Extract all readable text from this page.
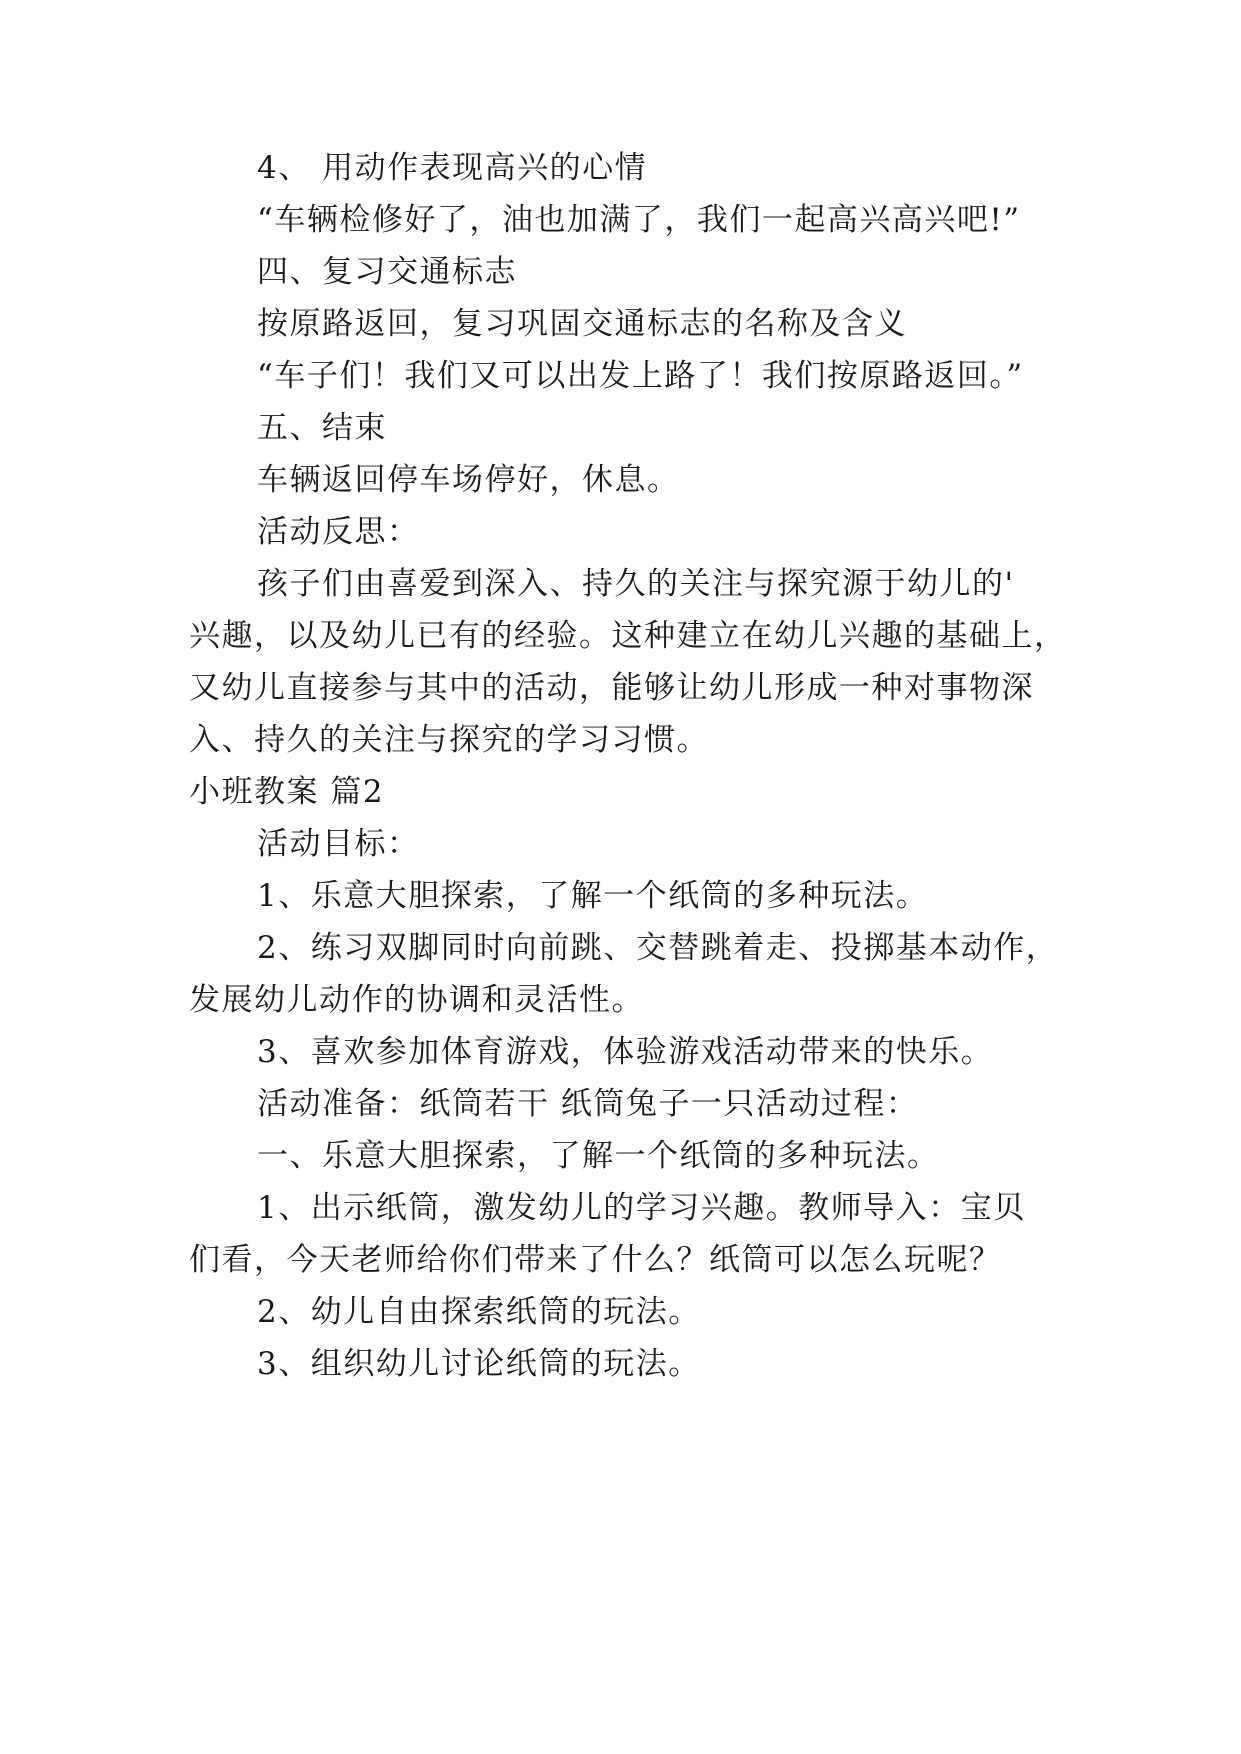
4、 用动作表现高兴的心情
“车辆检修好了，油也加满了，我们一起高兴高兴吧!”
四、复习交通标志
按原路返回，复习巩固交通标志的名称及含义
“车子们！我们又可以出发上路了！我们按原路返回。”
五、结束
车辆返回停车场停好，休息。
活动反思：
孩子们由喜爱到深入、持久的关注与探究源于幼儿的'
兴趣，以及幼儿已有的经验。这种建立在幼儿兴趣的基础上，
又幼儿直接参与其中的活动，能够让幼儿形成一种对事物深
入、持久的关注与探究的学习习惯。
小班教案 篇2
活动目标：
1、乐意大胆探索，了解一个纸筒的多种玩法。
2、练习双脚同时向前跳、交替跳着走、投掷基本动作，
发展幼儿动作的协调和灵活性。
3、喜欢参加体育游戏，体验游戏活动带来的快乐。
活动准备：纸筒若干 纸筒兔子一只活动过程：
一、乐意大胆探索，了解一个纸筒的多种玩法。
1、出示纸筒，激发幼儿的学习兴趣。教师导入：宝贝
们看，今天老师给你们带来了什么？纸筒可以怎么玩呢？
2、幼儿自由探索纸筒的玩法。
3、组织幼儿讨论纸筒的玩法。
